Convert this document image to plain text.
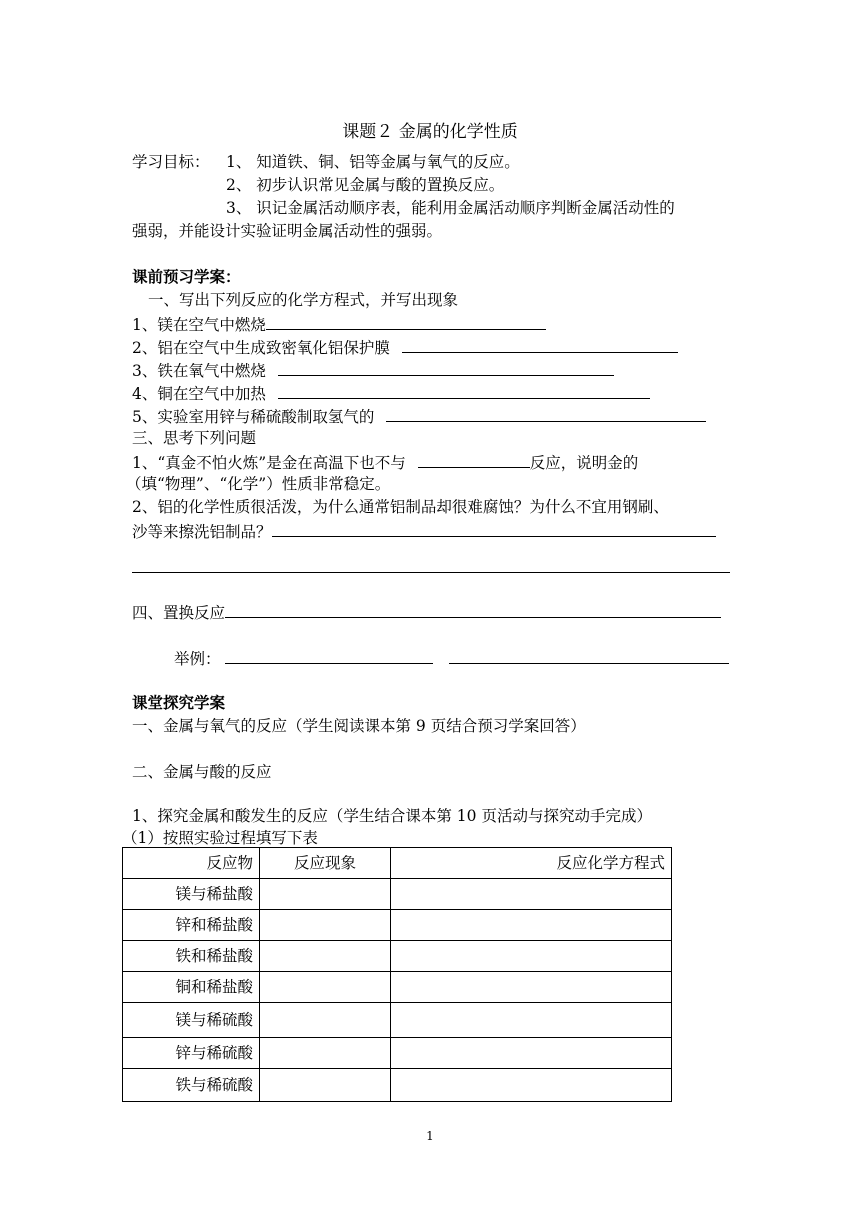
课题２ 金属的化学性质
学习目标： 1、 知道铁、铜、铝等金属与氧气的反应。
2、 初步认识常见金属与酸的置换反应。
3、 识记金属活动顺序表，能利用金属活动顺序判断金属活动性的
强弱，并能设计实验证明金属活动性的强弱。
课前预习学案：
一、写出下列反应的化学方程式，并写出现象
1、镁在空气中燃烧
2、铝在空气中生成致密氧化铝保护膜
3、铁在氧气中燃烧
4、铜在空气中加热
5、实验室用锌与稀硫酸制取氢气的
三、思考下列问题
1、“真金不怕火炼”是金在高温下也不与	反应，说明金的
（填“物理”、“化学”）性质非常稳定。
2、铝的化学性质很活泼，为什么通常铝制品却很难腐蚀？为什么不宜用钢刷、
沙等来擦洗铝制品？
四、置换反应
举例：
课堂探究学案
一、金属与氧气的反应（学生阅读课本第 9 页结合预习学案回答）
二、金属与酸的反应
1、探究金属和酸发生的反应（学生结合课本第 10 页活动与探究动手完成）
（1）按照实验过程填写下表
反应物	反应现象	反应化学方程式
镁与稀盐酸		
锌和稀盐酸		
铁和稀盐酸		
铜和稀盐酸		
镁与稀硫酸		
锌与稀硫酸		
铁与稀硫酸		
1
